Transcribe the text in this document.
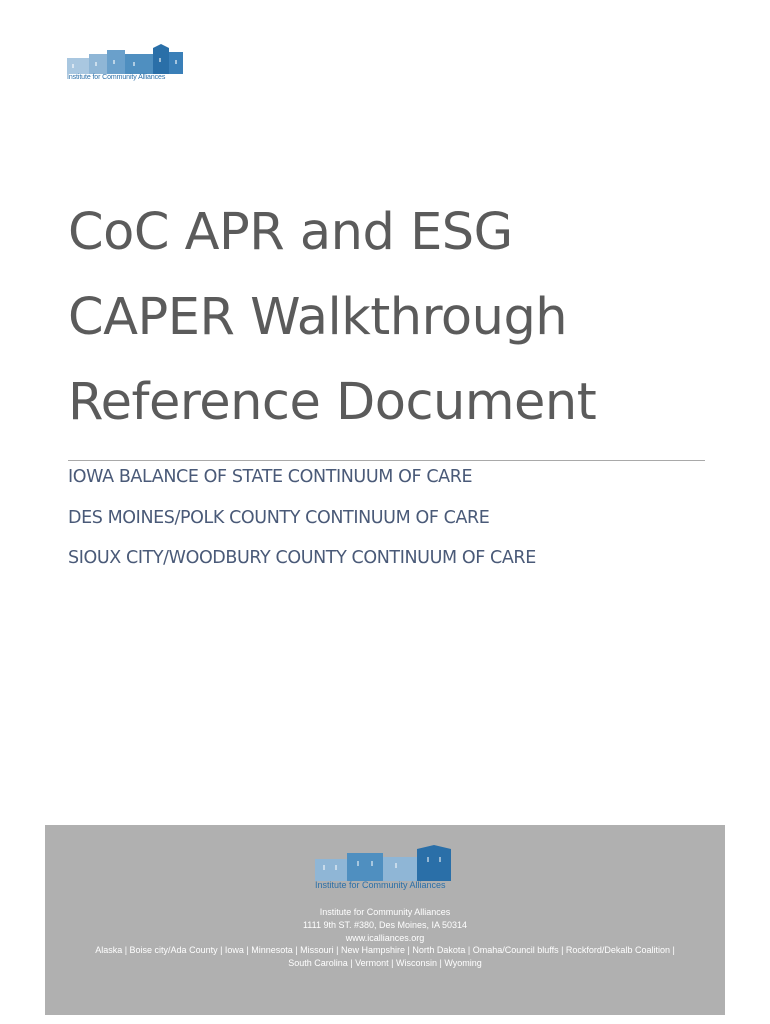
Institute for Community Alliances
CoC APR and ESG
CAPER Walkthrough
Reference Document
IOWA BALANCE OF STATE CONTINUUM OF CARE
DES MOINES/POLK COUNTY CONTINUUM OF CARE
SIOUX CITY/WOODBURY COUNTY CONTINUUM OF CARE
Institute for Community Alliances
Institute for Community Alliances
1111 9th ST. #380, Des Moines, IA 50314
www.icalliances.org
Alaska | Boise city/Ada County | Iowa | Minnesota | Missouri | New Hampshire | North Dakota | Omaha/Council bluffs | Rockford/Dekalb Coalition | South Carolina | Vermont | Wisconsin | Wyoming
